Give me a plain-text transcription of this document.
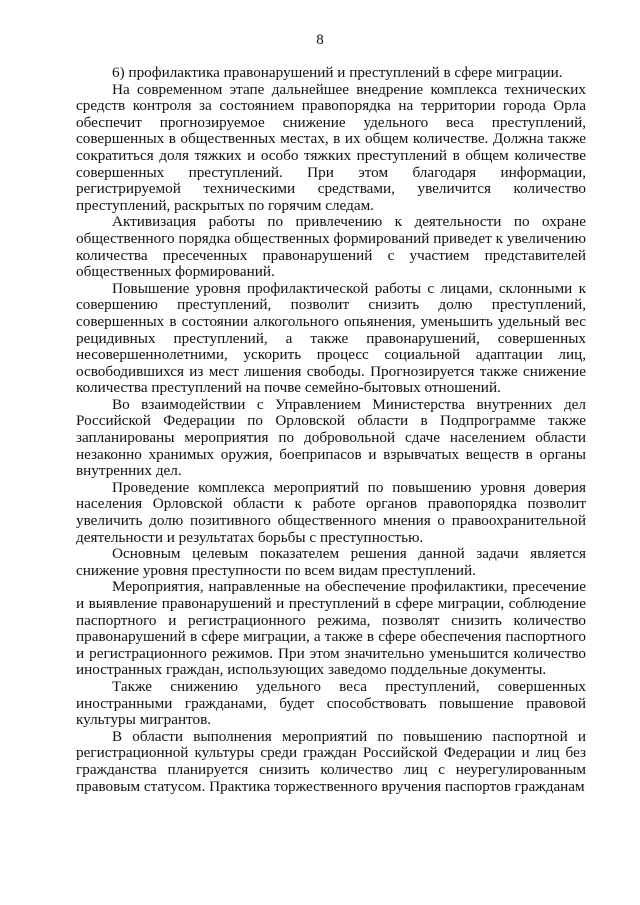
8

6) профилактика правонарушений и преступлений в сфере миграции.

На современном этапе дальнейшее внедрение комплекса технических средств контроля за состоянием правопорядка на территории города Орла обеспечит прогнозируемое снижение удельного веса преступлений, совершенных в общественных местах, в их общем количестве. Должна также сократиться доля тяжких и особо тяжких преступлений в общем количестве совершенных преступлений. При этом благодаря информации, регистрируемой техническими средствами, увеличится количество преступлений, раскрытых по горячим следам.

Активизация работы по привлечению к деятельности по охране общественного порядка общественных формирований приведет к увеличению количества пресеченных правонарушений с участием представителей общественных формирований.

Повышение уровня профилактической работы с лицами, склонными к совершению преступлений, позволит снизить долю преступлений, совершенных в состоянии алкогольного опьянения, уменьшить удельный вес рецидивных преступлений, а также правонарушений, совершенных несовершеннолетними, ускорить процесс социальной адаптации лиц, освободившихся из мест лишения свободы. Прогнозируется также снижение количества преступлений на почве семейно-бытовых отношений.

Во взаимодействии с Управлением Министерства внутренних дел Российской Федерации по Орловской области в Подпрограмме также запланированы мероприятия по добровольной сдаче населением области незаконно хранимых оружия, боеприпасов и взрывчатых веществ в органы внутренних дел.

Проведение комплекса мероприятий по повышению уровня доверия населения Орловской области к работе органов правопорядка позволит увеличить долю позитивного общественного мнения о правоохранительной деятельности и результатах борьбы с преступностью.

Основным целевым показателем решения данной задачи является снижение уровня преступности по всем видам преступлений.

Мероприятия, направленные на обеспечение профилактики, пресечение и выявление правонарушений и преступлений в сфере миграции, соблюдение паспортного и регистрационного режима, позволят снизить количество правонарушений в сфере миграции, а также в сфере обеспечения паспортного и регистрационного режимов. При этом значительно уменьшится количество иностранных граждан, использующих заведомо поддельные документы.

Также снижению удельного веса преступлений, совершенных иностранными гражданами, будет способствовать повышение правовой культуры мигрантов.

В области выполнения мероприятий по повышению паспортной и регистрационной культуры среди граждан Российской Федерации и лиц без гражданства планируется снизить количество лиц с неурегулированным правовым статусом. Практика торжественного вручения паспортов гражданам
